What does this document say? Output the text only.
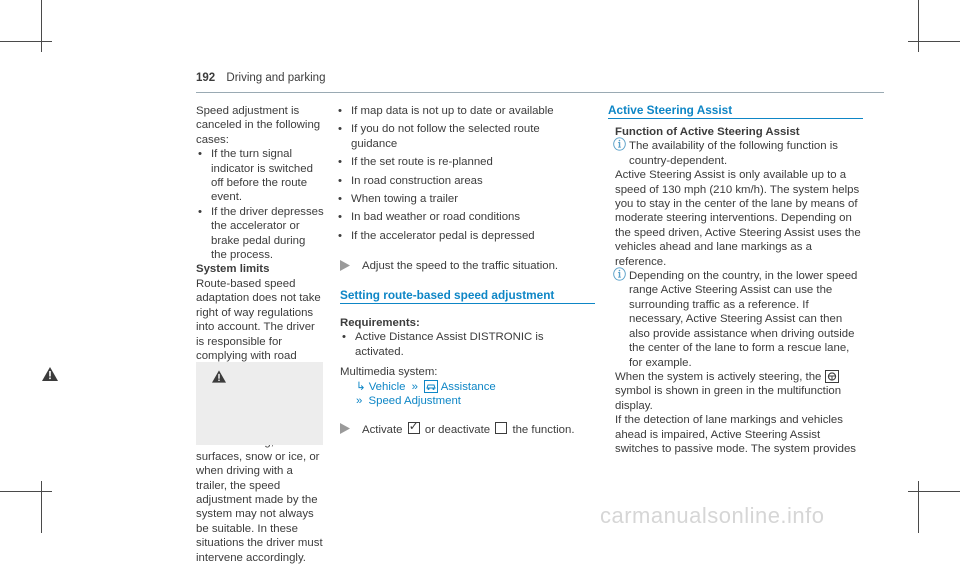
192 Driving and parking

Speed adjustment is canceled in the following cases:

• If the turn signal indicator is switched off before the route event.
• If the driver depresses the accelerator or brake pedal during the process.

System limits

Route-based speed adaptation does not take right of way regulations into account. The driver is responsible for complying with road

surfaces, snow or ice, or when driving with a trailer, the speed adjustment made by the system may not always be suitable. In these situations the driver must intervene accordingly.

• If map data is not up to date or available
• If you do not follow the selected route guidance
• If the set route is re-planned
• In road construction areas
• When towing a trailer
• In bad weather or road conditions
• If the accelerator pedal is depressed
Adjust the speed to the traffic situation.
Setting route-based speed adjustment

Requirements:

• Active Distance Assist DISTRONIC is activated.

Multimedia system:

↳ Vehicle » Assistance
» Speed Adjustment
Activate ✓ or deactivate the function.
Active Steering Assist

Function of Active Steering Assist

ⓘ The availability of the following function is country-dependent.

Active Steering Assist is only available up to a speed of 130 mph (210 km/h). The system helps you to stay in the center of the lane by means of moderate steering interventions. Depending on the speed driven, Active Steering Assist uses the vehicles ahead and lane markings as a reference.

ⓘ Depending on the country, in the lower speed range Active Steering Assist can use the surrounding traffic as a reference. If necessary, Active Steering Assist can then also provide assistance when driving outside the center of the lane to form a rescue lane, for example.

When the system is actively steering, the  symbol is shown in green in the multifunction display.

If the detection of lane markings and vehicles ahead is impaired, Active Steering Assist switches to passive mode. The system provides

carmanualsonline.info
